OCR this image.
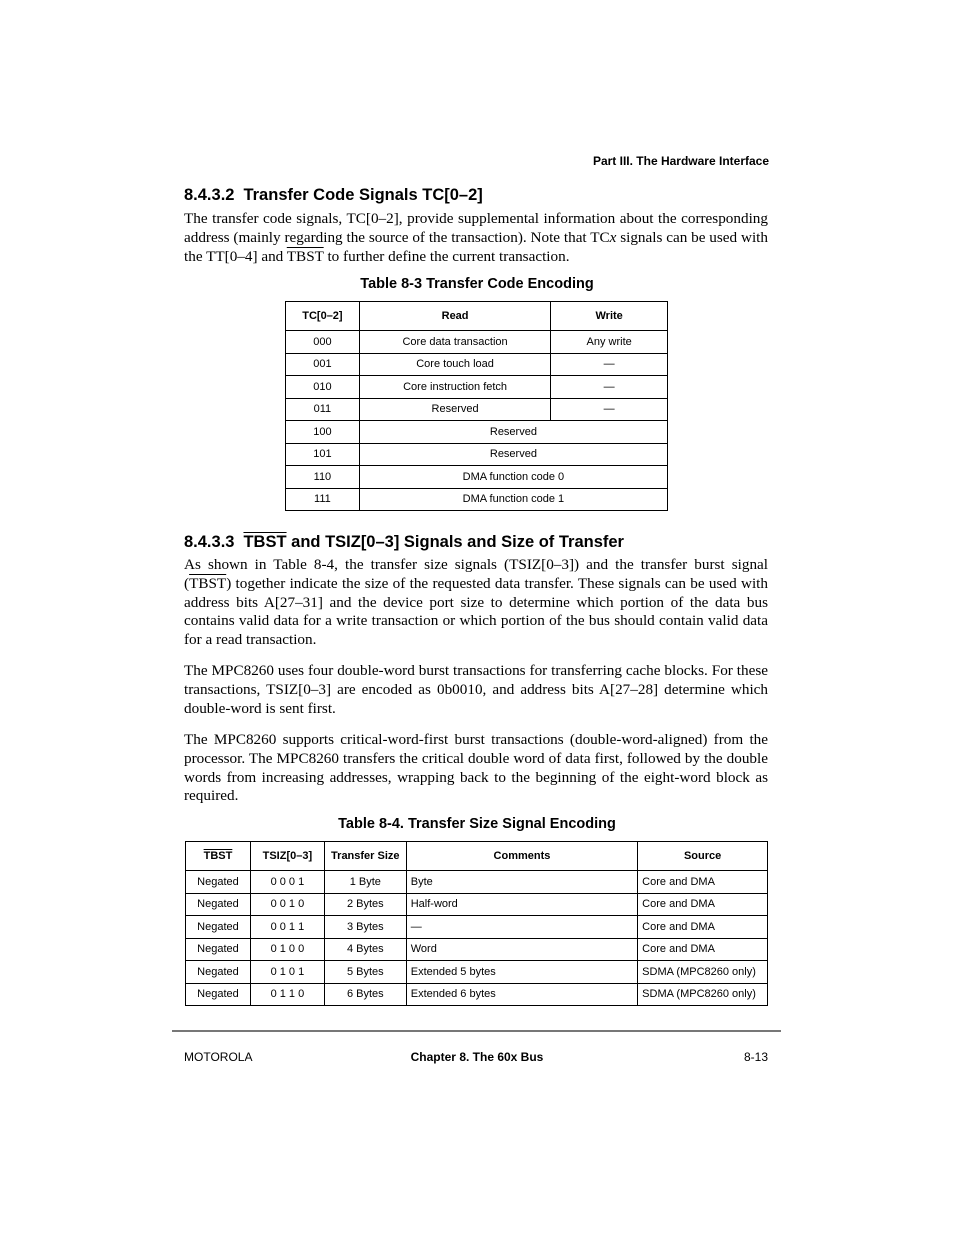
Part III. The Hardware Interface
8.4.3.2 Transfer Code Signals TC[0–2]

The transfer code signals, TC[0–2], provide supplemental information about the corresponding address (mainly regarding the source of the transaction). Note that TCx signals can be used with the TT[0–4] and TBST to further define the current transaction.

Table 8-3 Transfer Code Encoding
TC[0–2]	Read	Write
000	Core data transaction	Any write
001	Core touch load	—
010	Core instruction fetch	—
011	Reserved	—
100	Reserved	
101	Reserved	
110	DMA function code 0	
111	DMA function code 1	
8.4.3.3 TBST and TSIZ[0–3] Signals and Size of Transfer

As shown in Table 8-4, the transfer size signals (TSIZ[0–3]) and the transfer burst signal (TBST) together indicate the size of the requested data transfer. These signals can be used with address bits A[27–31] and the device port size to determine which portion of the data bus contains valid data for a write transaction or which portion of the bus should contain valid data for a read transaction.

The MPC8260 uses four double-word burst transactions for transferring cache blocks. For these transactions, TSIZ[0–3] are encoded as 0b0010, and address bits A[27–28] determine which double-word is sent first.

The MPC8260 supports critical-word-first burst transactions (double-word-aligned) from the processor. The MPC8260 transfers the critical double word of data first, followed by the double words from increasing addresses, wrapping back to the beginning of the eight-word block as required.

Table 8-4. Transfer Size Signal Encoding
TBST	TSIZ[0–3]	Transfer Size	Comments	Source
Negated	0 0 0 1	1 Byte	Byte	Core and DMA
Negated	0 0 1 0	2 Bytes	Half-word	Core and DMA
Negated	0 0 1 1	3 Bytes	—	Core and DMA
Negated	0 1 0 0	4 Bytes	Word	Core and DMA
Negated	0 1 0 1	5 Bytes	Extended 5 bytes	SDMA (MPC8260 only)
Negated	0 1 1 0	6 Bytes	Extended 6 bytes	SDMA (MPC8260 only)
MOTOROLA	Chapter 8. The 60x Bus	8-13
